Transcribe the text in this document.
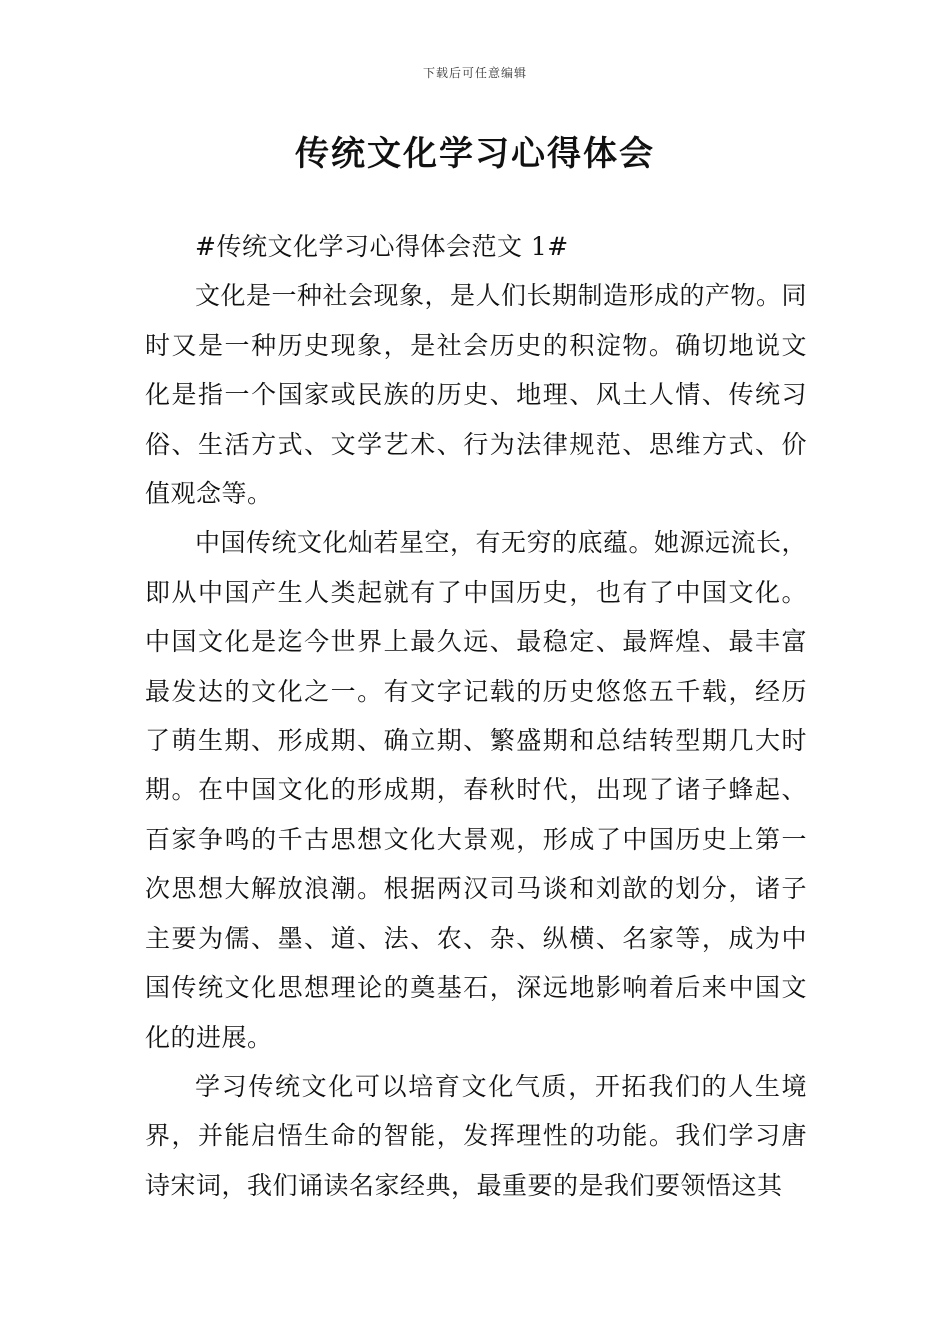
下载后可任意编辑
传统文化学习心得体会

#传统文化学习心得体会范文 1#

文化是一种社会现象，是人们长期制造形成的产物。同时又是一种历史现象，是社会历史的积淀物。确切地说文化是指一个国家或民族的历史、地理、风土人情、传统习俗、生活方式、文学艺术、行为法律规范、思维方式、价值观念等。

中国传统文化灿若星空，有无穷的底蕴。她源远流长，即从中国产生人类起就有了中国历史，也有了中国文化。中国文化是迄今世界上最久远、最稳定、最辉煌、最丰富最发达的文化之一。有文字记载的历史悠悠五千载，经历了萌生期、形成期、确立期、繁盛期和总结转型期几大时期。在中国文化的形成期，春秋时代，出现了诸子蜂起、百家争鸣的千古思想文化大景观，形成了中国历史上第一次思想大解放浪潮。根据两汉司马谈和刘歆的划分，诸子主要为儒、墨、道、法、农、杂、纵横、名家等，成为中国传统文化思想理论的奠基石，深远地影响着后来中国文化的进展。

学习传统文化可以培育文化气质，开拓我们的人生境界，并能启悟生命的智能，发挥理性的功能。我们学习唐诗宋词，我们诵读名家经典，最重要的是我们要领悟这其
